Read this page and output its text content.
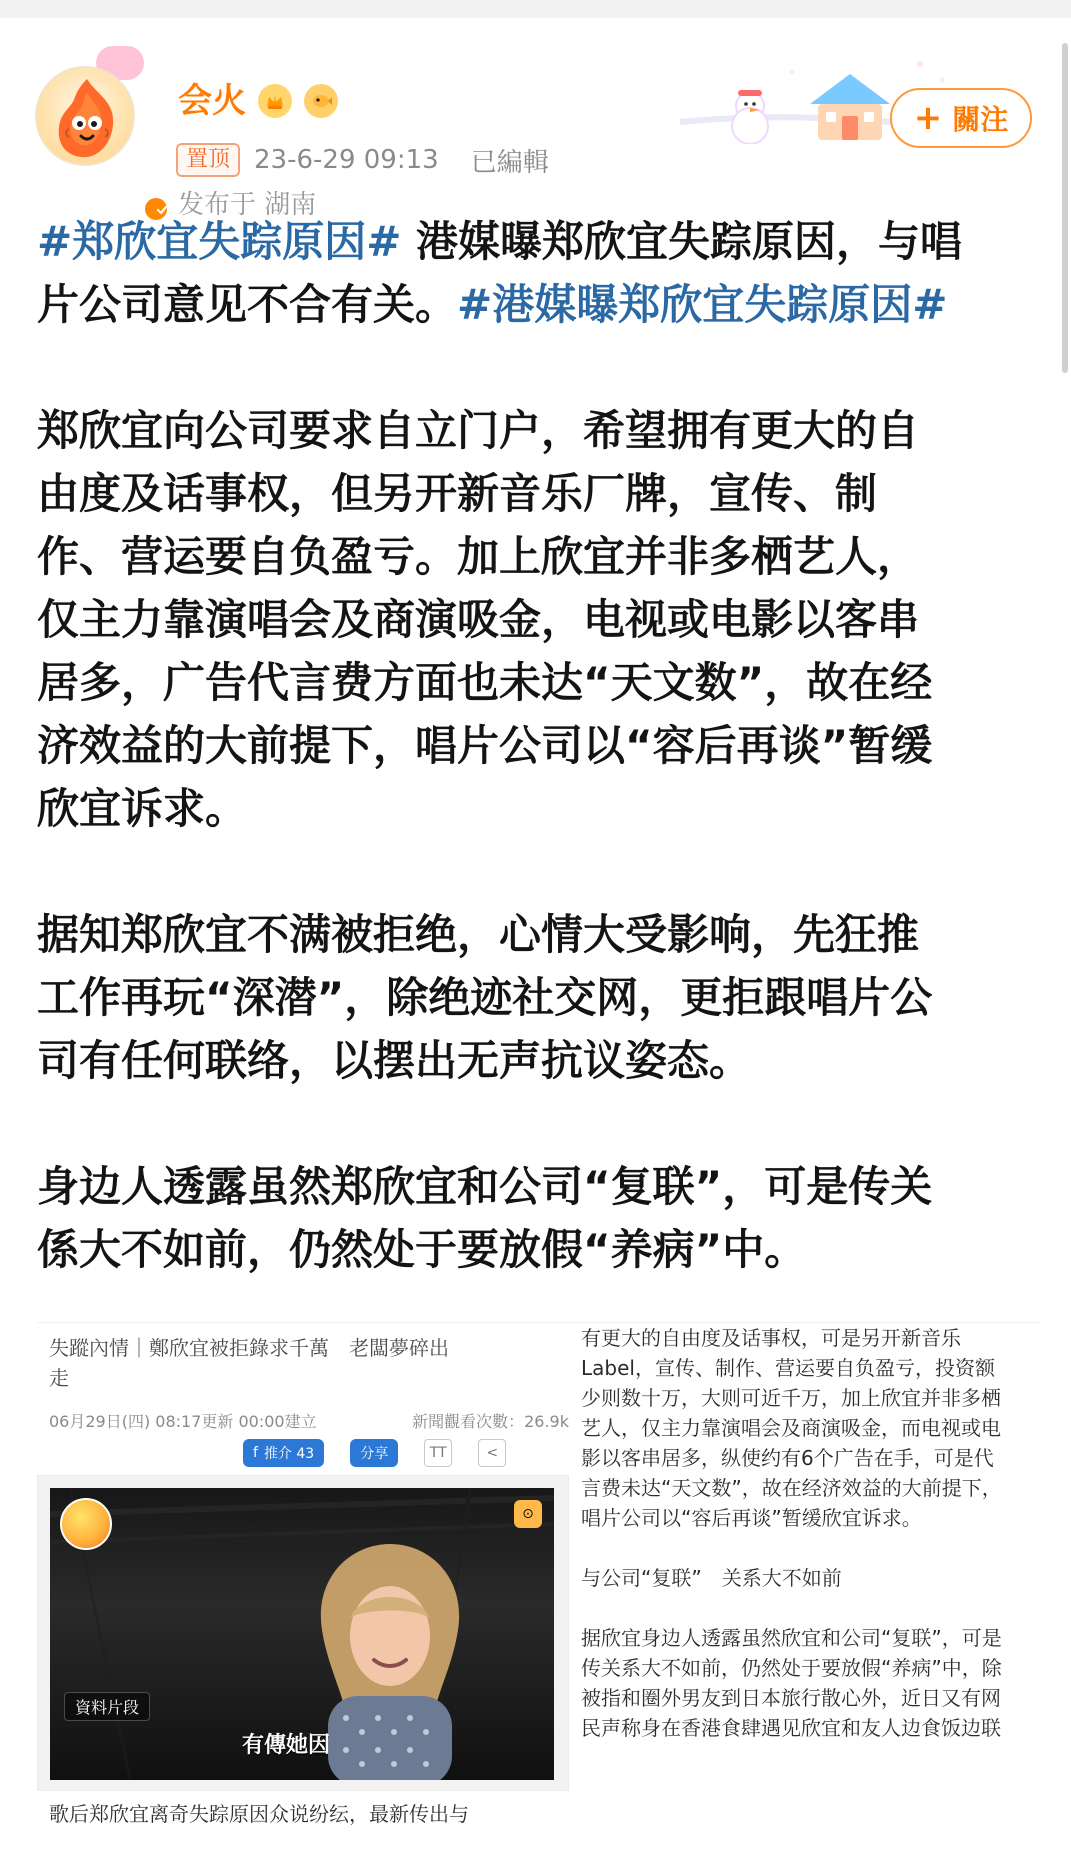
会火
置顶 23-6-29 09:13 已編輯
发布于 湖南
+ 關注

#郑欣宜失踪原因# 港媒曝郑欣宜失踪原因，与唱
片公司意见不合有关。#港媒曝郑欣宜失踪原因#

郑欣宜向公司要求自立门户，希望拥有更大的自
由度及话事权，但另开新音乐厂牌，宣传、制
作、营运要自负盈亏。加上欣宜并非多栖艺人，
仅主力靠演唱会及商演吸金，电视或电影以客串
居多，广告代言费方面也未达“天文数”，故在经
济效益的大前提下，唱片公司以“容后再谈”暂缓
欣宜诉求。

据知郑欣宜不满被拒绝，心情大受影响，先狂推
工作再玩“深潜”，除绝迹社交网，更拒跟唱片公
司有任何联络，以摆出无声抗议姿态。

身边人透露虽然郑欣宜和公司“复联”，可是传关
係大不如前，仍然处于要放假“养病”中。

失蹤內情｜鄭欣宜被拒錄求千萬　老闆夢碎出
走
06月29日(四) 08:17更新 00:00建立	新聞觀看次數：26.9k
f 推介 43	分享	TT	<
⊙
資料片段
有傳她因
歌后郑欣宜离奇失踪原因众说纷纭，最新传出与

有更大的自由度及话事权，可是另开新音乐

Label，宣传、制作、营运要自负盈亏，投资额

少则数十万，大则可近千万，加上欣宜并非多栖

艺人，仅主力靠演唱会及商演吸金，而电视或电

影以客串居多，纵使约有6个广告在手，可是代

言费未达“天文数”，故在经济效益的大前提下，

唱片公司以“容后再谈”暂缓欣宜诉求。

与公司“复联”　关系大不如前

据欣宜身边人透露虽然欣宜和公司“复联”，可是

传关系大不如前，仍然处于要放假“养病”中，除

被指和圈外男友到日本旅行散心外，近日又有网

民声称身在香港食肆遇见欣宜和友人边食饭边联
